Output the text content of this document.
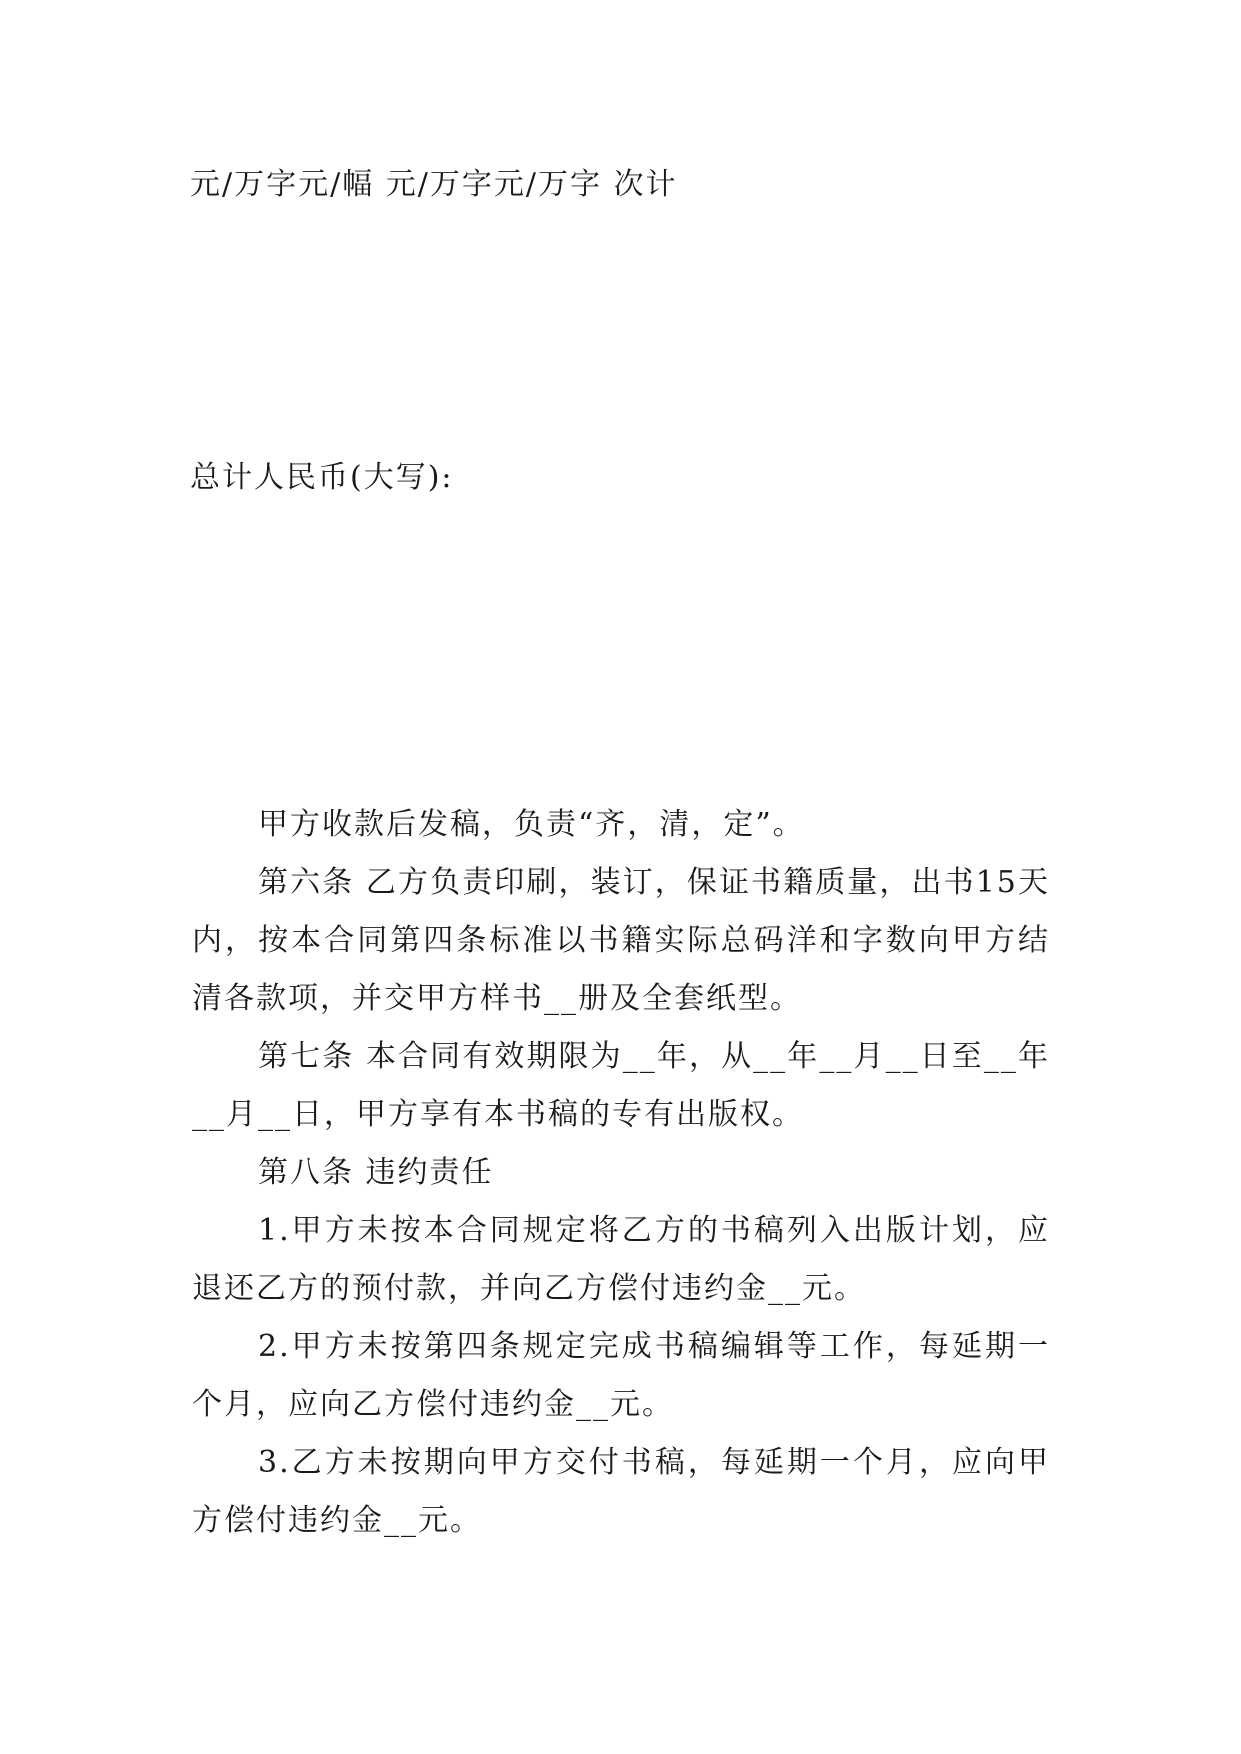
元/万字元/幅 元/万字元/万字 次计
总计人民币(大写):

甲方收款后发稿，负责“齐，清，定”。

第六条 乙方负责印刷，装订，保证书籍质量，出书15天内，按本合同第四条标准以书籍实际总码洋和字数向甲方结清各款项，并交甲方样书__册及全套纸型。

第七条 本合同有效期限为__年，从__年__月__日至__年__月__日，甲方享有本书稿的专有出版权。

第八条 违约责任

1.甲方未按本合同规定将乙方的书稿列入出版计划，应退还乙方的预付款，并向乙方偿付违约金__元。

2.甲方未按第四条规定完成书稿编辑等工作，每延期一个月，应向乙方偿付违约金__元。

3.乙方未按期向甲方交付书稿，每延期一个月，应向甲方偿付违约金__元。
